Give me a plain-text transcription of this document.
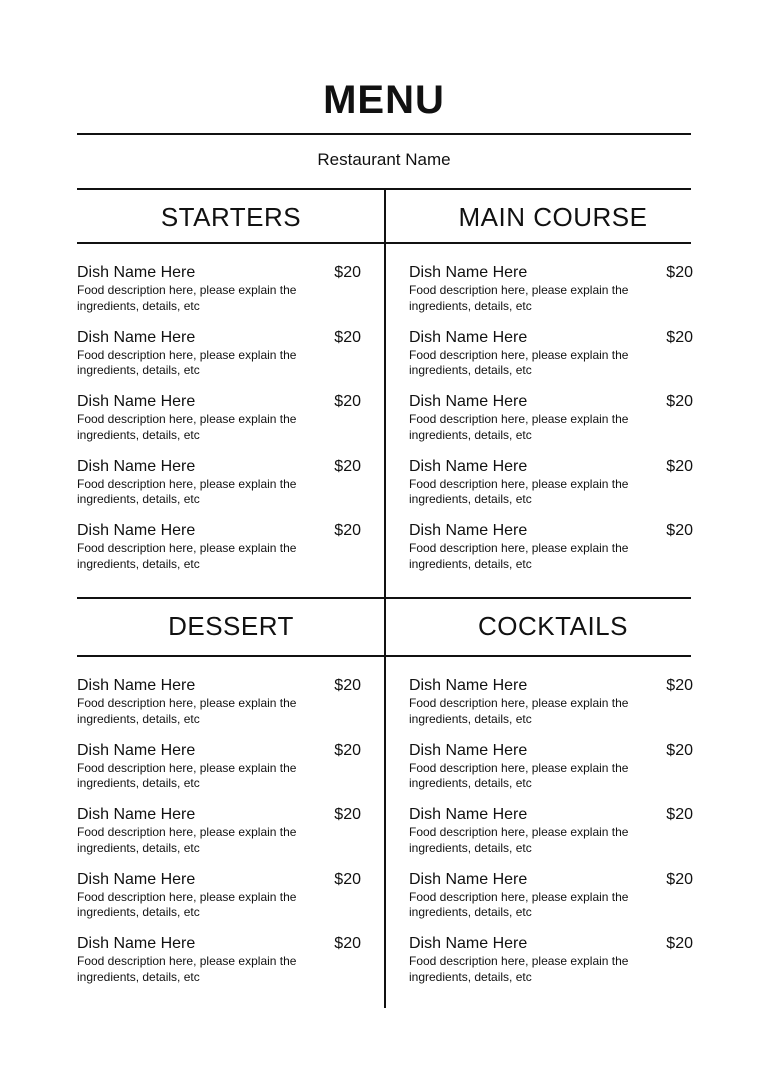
MENU
Restaurant Name
STARTERS	MAIN COURSE
Dish Name Here	$20
Food description here, please explain the ingredients, details, etc
Dish Name Here	$20
Food description here, please explain the ingredients, details, etc
Dish Name Here	$20
Food description here, please explain the ingredients, details, etc
Dish Name Here	$20
Food description here, please explain the ingredients, details, etc
Dish Name Here	$20
Food description here, please explain the ingredients, details, etc
Dish Name Here	$20
Food description here, please explain the ingredients, details, etc
Dish Name Here	$20
Food description here, please explain the ingredients, details, etc
Dish Name Here	$20
Food description here, please explain the ingredients, details, etc
Dish Name Here	$20
Food description here, please explain the ingredients, details, etc
Dish Name Here	$20
Food description here, please explain the ingredients, details, etc
DESSERT	COCKTAILS
Dish Name Here	$20
Food description here, please explain the ingredients, details, etc
Dish Name Here	$20
Food description here, please explain the ingredients, details, etc
Dish Name Here	$20
Food description here, please explain the ingredients, details, etc
Dish Name Here	$20
Food description here, please explain the ingredients, details, etc
Dish Name Here	$20
Food description here, please explain the ingredients, details, etc
Dish Name Here	$20
Food description here, please explain the ingredients, details, etc
Dish Name Here	$20
Food description here, please explain the ingredients, details, etc
Dish Name Here	$20
Food description here, please explain the ingredients, details, etc
Dish Name Here	$20
Food description here, please explain the ingredients, details, etc
Dish Name Here	$20
Food description here, please explain the ingredients, details, etc
